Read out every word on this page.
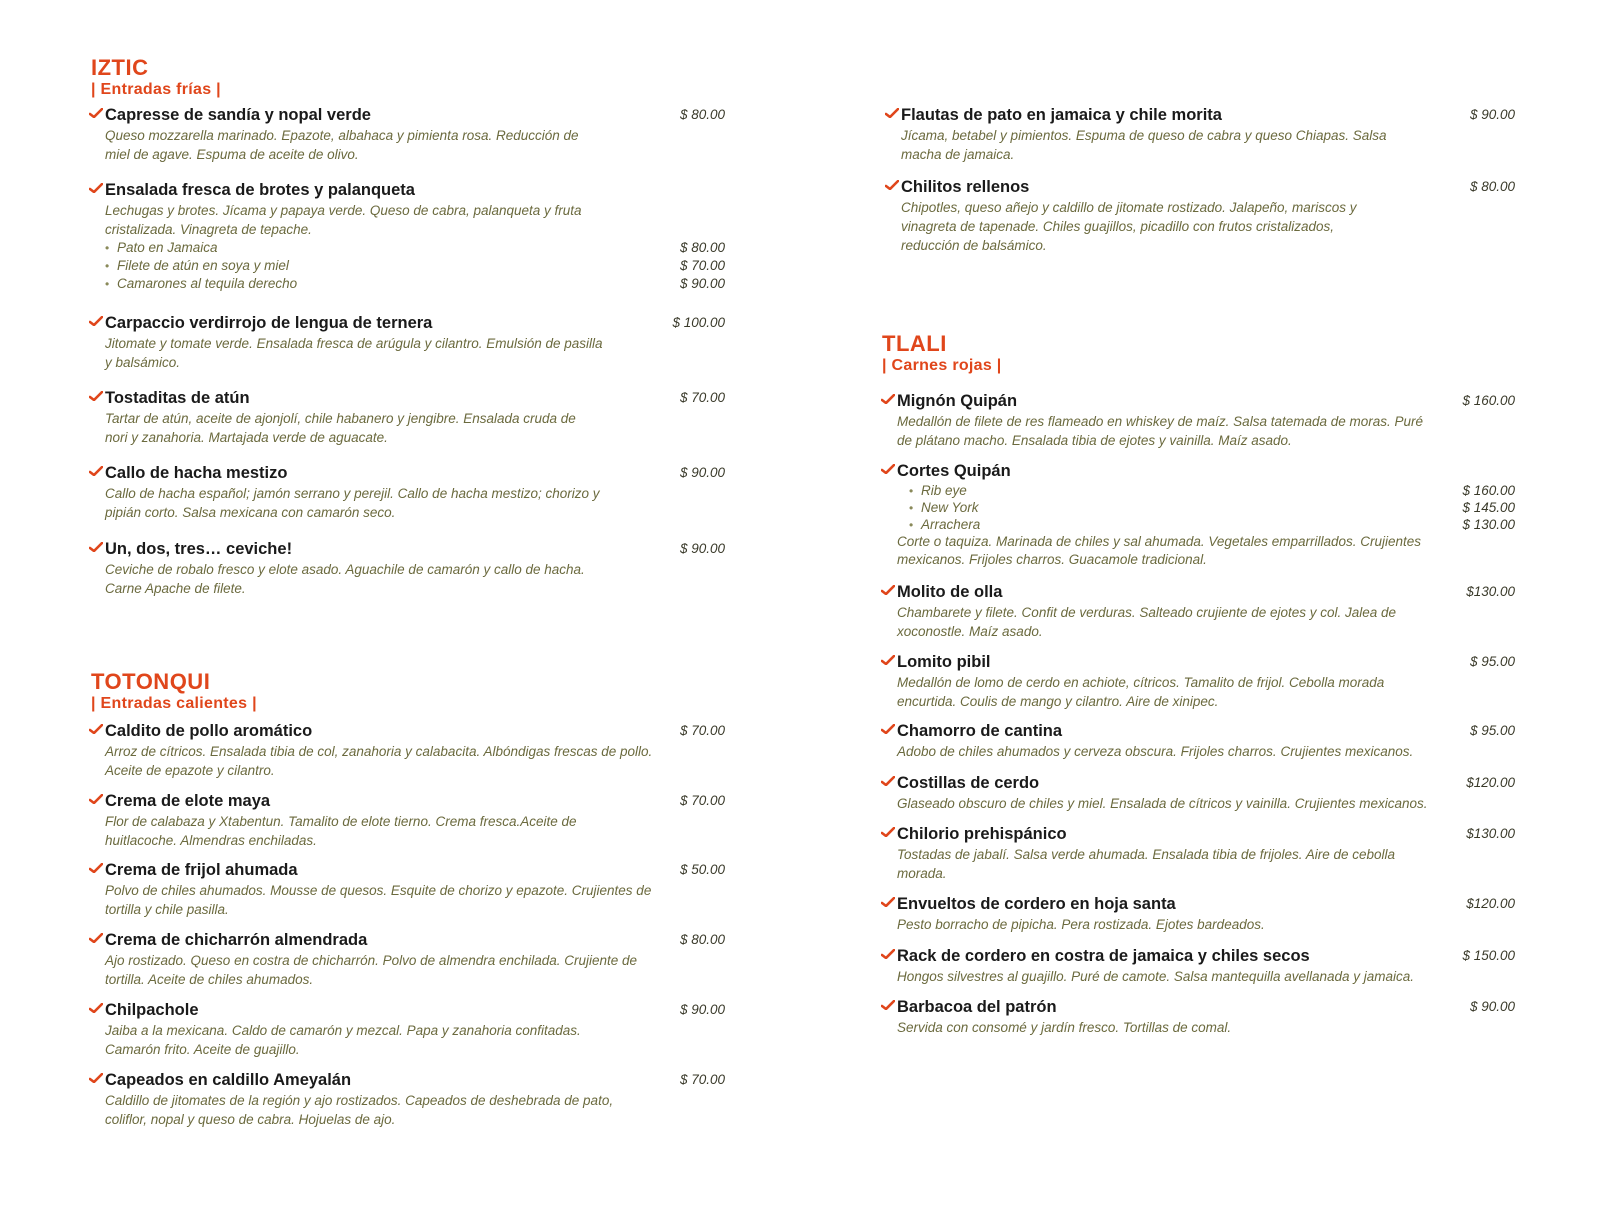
IZTIC
| Entradas frías |
Capresse de sandía y nopal verde	$ 80.00

Queso mozzarella marinado. Epazote, albahaca y pimienta rosa. Reducción de
miel de agave. Espuma de aceite de olivo.

Ensalada fresca de brotes y palanqueta

Lechugas y brotes. Jícama y papaya verde. Queso de cabra, palanqueta y fruta
cristalizada. Vinagreta de tepache.

• Pato en Jamaica	$ 80.00
• Filete de atún en soya y miel	$ 70.00
• Camarones al tequila derecho	$ 90.00
Carpaccio verdirrojo de lengua de ternera	$ 100.00

Jitomate y tomate verde. Ensalada fresca de arúgula y cilantro. Emulsión de pasilla
y balsámico.

Tostaditas de atún	$ 70.00

Tartar de atún, aceite de ajonjolí, chile habanero y jengibre. Ensalada cruda de
nori y zanahoria. Martajada verde de aguacate.

Callo de hacha mestizo	$ 90.00

Callo de hacha español; jamón serrano y perejil. Callo de hacha mestizo; chorizo y
pipián corto. Salsa mexicana con camarón seco.

Un, dos, tres… ceviche!	$ 90.00

Ceviche de robalo fresco y elote asado. Aguachile de camarón y callo de hacha.
Carne Apache de filete.

TOTONQUI
| Entradas calientes |
Caldito de pollo aromático	$ 70.00

Arroz de cítricos. Ensalada tibia de col, zanahoria y calabacita. Albóndigas frescas de pollo.
Aceite de epazote y cilantro.

Crema de elote maya	$ 70.00

Flor de calabaza y Xtabentun. Tamalito de elote tierno. Crema fresca.Aceite de
huitlacoche. Almendras enchiladas.

Crema de frijol ahumada	$ 50.00

Polvo de chiles ahumados. Mousse de quesos. Esquite de chorizo y epazote. Crujientes de
tortilla y chile pasilla.

Crema de chicharrón almendrada	$ 80.00

Ajo rostizado. Queso en costra de chicharrón. Polvo de almendra enchilada. Crujiente de
tortilla. Aceite de chiles ahumados.

Chilpachole	$ 90.00

Jaiba a la mexicana. Caldo de camarón y mezcal. Papa y zanahoria confitadas.
Camarón frito. Aceite de guajillo.

Capeados en caldillo Ameyalán	$ 70.00

Caldillo de jitomates de la región y ajo rostizados. Capeados de deshebrada de pato,
coliflor, nopal y queso de cabra. Hojuelas de ajo.

Flautas de pato en jamaica y chile morita	$ 90.00

Jícama, betabel y pimientos. Espuma de queso de cabra y queso Chiapas. Salsa
macha de jamaica.

Chilitos rellenos	$ 80.00

Chipotles, queso añejo y caldillo de jitomate rostizado. Jalapeño, mariscos y
vinagreta de tapenade. Chiles guajillos, picadillo con frutos cristalizados,
reducción de balsámico.

TLALI
| Carnes rojas |
Mignón Quipán	$ 160.00

Medallón de filete de res flameado en whiskey de maíz. Salsa tatemada de moras. Puré
de plátano macho. Ensalada tibia de ejotes y vainilla. Maíz asado.

Cortes Quipán
• Rib eye	$ 160.00
• New York	$ 145.00
• Arrachera	$ 130.00

Corte o taquiza. Marinada de chiles y sal ahumada. Vegetales emparrillados. Crujientes
mexicanos. Frijoles charros. Guacamole tradicional.

Molito de olla	$130.00

Chambarete y filete. Confit de verduras. Salteado crujiente de ejotes y col. Jalea de
xoconostle. Maíz asado.

Lomito pibil	$ 95.00

Medallón de lomo de cerdo en achiote, cítricos. Tamalito de frijol. Cebolla morada
encurtida. Coulis de mango y cilantro. Aire de xinipec.

Chamorro de cantina	$ 95.00

Adobo de chiles ahumados y cerveza obscura. Frijoles charros. Crujientes mexicanos.

Costillas de cerdo	$120.00

Glaseado obscuro de chiles y miel. Ensalada de cítricos y vainilla. Crujientes mexicanos.

Chilorio prehispánico	$130.00

Tostadas de jabalí. Salsa verde ahumada. Ensalada tibia de frijoles. Aire de cebolla
morada.

Envueltos de cordero en hoja santa	$120.00

Pesto borracho de pipicha. Pera rostizada. Ejotes bardeados.

Rack de cordero en costra de jamaica y chiles secos	$ 150.00

Hongos silvestres al guajillo. Puré de camote. Salsa mantequilla avellanada y jamaica.

Barbacoa del patrón	$ 90.00

Servida con consomé y jardín fresco. Tortillas de comal.
